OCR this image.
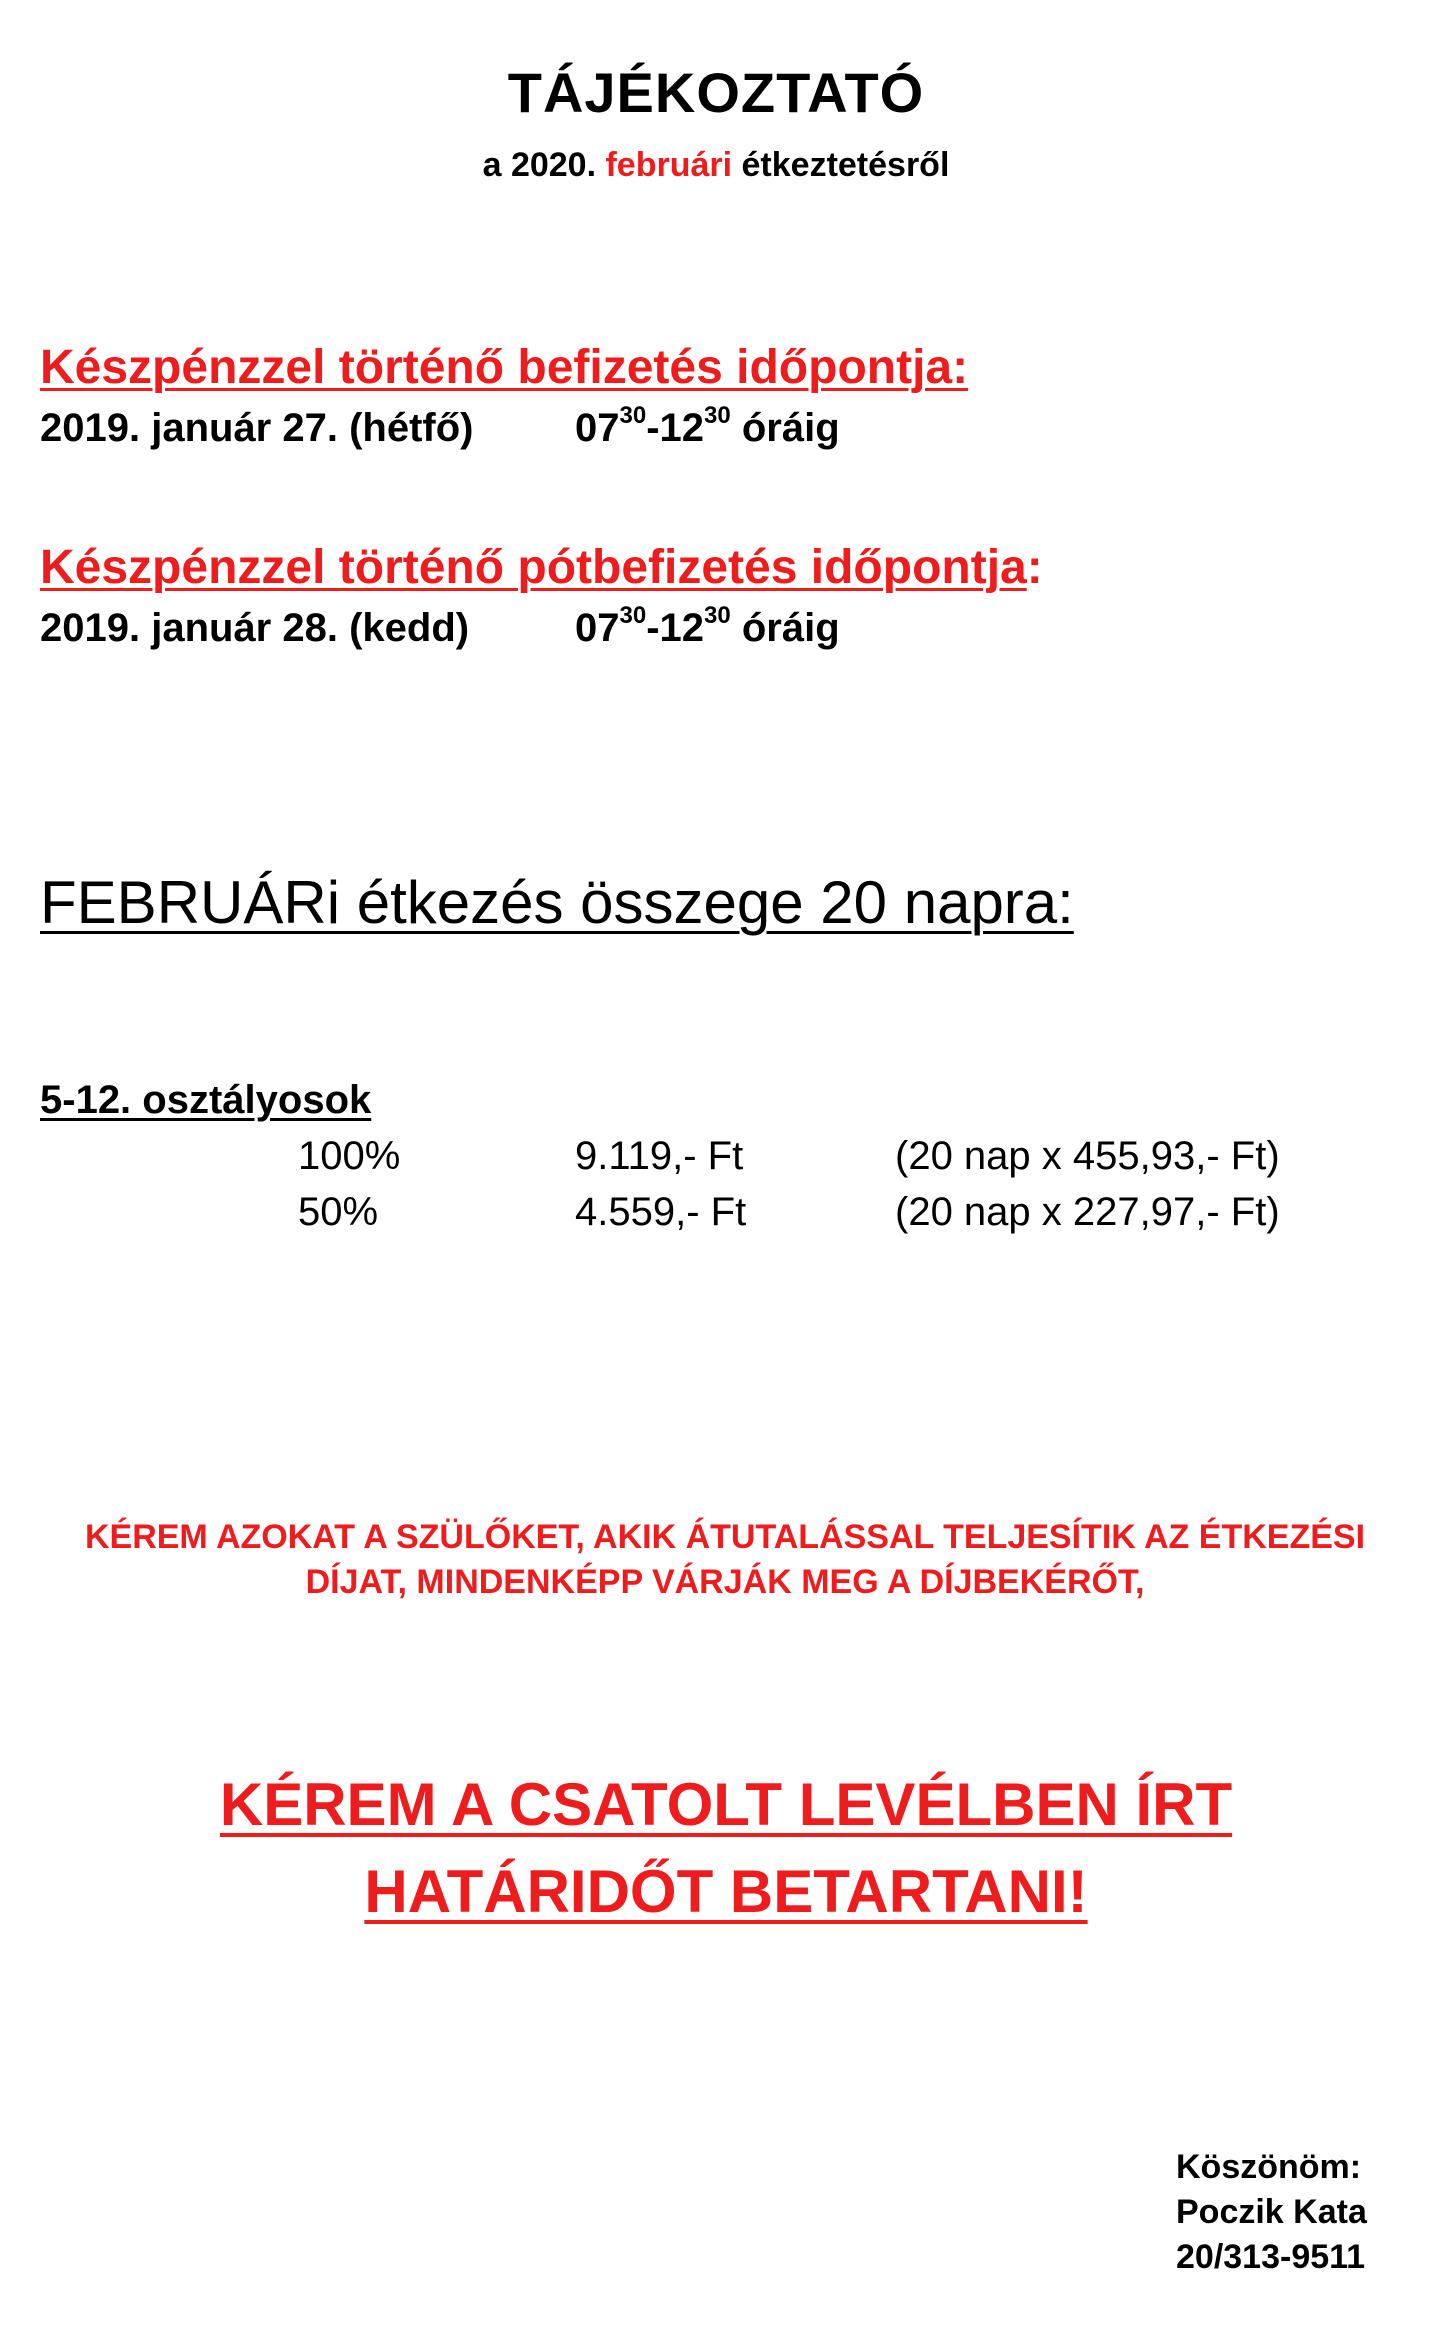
TÁJÉKOZTATÓ
a 2020. februári étkeztetésről
Készpénzzel történő befizetés időpontja:
2019. január 27. (hétfő)	$07^{30}-12^{30}$ óráig
Készpénzzel történő pótbefizetés időpontja:
2019. január 28. (kedd)	$07^{30}-12^{30}$ óráig
FEBRUÁRi étkezés összege 20 napra:
5-12. osztályosok
100%	9.119,- Ft	(20 nap x 455,93,- Ft)
50%	4.559,- Ft	(20 nap x 227,97,- Ft)
KÉREM AZOKAT A SZÜLŐKET, AKIK ÁTUTALÁSSAL TELJESÍTIK AZ ÉTKEZÉSI
DÍJAT, MINDENKÉPP VÁRJÁK MEG A DÍJBEKÉRŐT,
KÉREM A CSATOLT LEVÉLBEN ÍRT
HATÁRIDŐT BETARTANI!
Köszönöm:
Poczik Kata
20/313-9511
